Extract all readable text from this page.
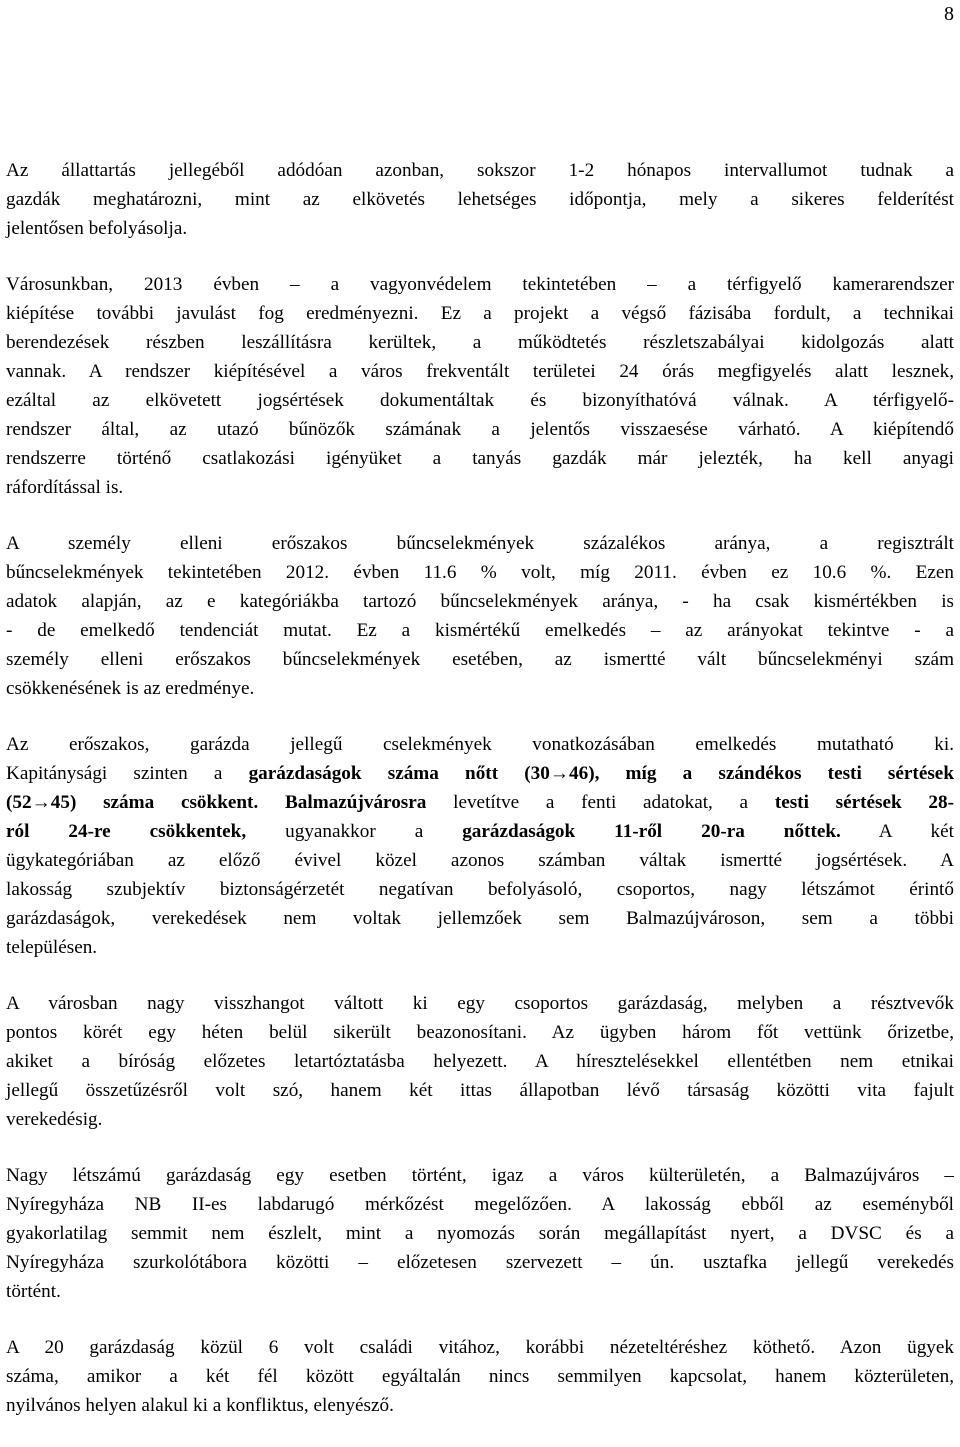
8
Az állattartás jellegéből adódóan azonban, sokszor 1-2 hónapos intervallumot tudnak a
gazdák meghatározni, mint az elkövetés lehetséges időpontja, mely a sikeres felderítést
jelentősen befolyásolja.
Városunkban, 2013 évben – a vagyonvédelem tekintetében – a térfigyelő kamerarendszer
kiépítése további javulást fog eredményezni. Ez a projekt a végső fázisába fordult, a technikai
berendezések részben leszállításra kerültek, a működtetés részletszabályai kidolgozás alatt
vannak. A rendszer kiépítésével a város frekventált területei 24 órás megfigyelés alatt lesznek,
ezáltal az elkövetett jogsértések dokumentáltak és bizonyíthatóvá válnak. A térfigyelő-
rendszer által, az utazó bűnözők számának a jelentős visszaesése várható. A kiépítendő
rendszerre történő csatlakozási igényüket a tanyás gazdák már jelezték, ha kell anyagi
ráfordítással is.
A személy elleni erőszakos bűncselekmények százalékos aránya, a regisztrált
bűncselekmények tekintetében 2012. évben 11.6 % volt, míg 2011. évben ez 10.6 %. Ezen
adatok alapján, az e kategóriákba tartozó bűncselekmények aránya, - ha csak kismértékben is
- de emelkedő tendenciát mutat. Ez a kismértékű emelkedés – az arányokat tekintve - a
személy elleni erőszakos bűncselekmények esetében, az ismertté vált bűncselekményi szám
csökkenésének is az eredménye.
Az erőszakos, garázda jellegű cselekmények vonatkozásában emelkedés mutatható ki.
Kapitánysági szinten a garázdaságok száma nőtt (30→46), míg a szándékos testi sértések
(52→45) száma csökkent. Balmazújvárosra levetítve a fenti adatokat, a testi sértések 28-
ról 24-re csökkentek, ugyanakkor a garázdaságok 11-ről 20-ra nőttek. A két
ügykategóriában az előző évivel közel azonos számban váltak ismertté jogsértések. A
lakosság szubjektív biztonságérzetét negatívan befolyásoló, csoportos, nagy létszámot érintő
garázdaságok, verekedések nem voltak jellemzőek sem Balmazújvároson, sem a többi
településen.
A városban nagy visszhangot váltott ki egy csoportos garázdaság, melyben a résztvevők
pontos körét egy héten belül sikerült beazonosítani. Az ügyben három főt vettünk őrizetbe,
akiket a bíróság előzetes letartóztatásba helyezett. A híresztelésekkel ellentétben nem etnikai
jellegű összetűzésről volt szó, hanem két ittas állapotban lévő társaság közötti vita fajult
verekedésig.
Nagy létszámú garázdaság egy esetben történt, igaz a város külterületén, a Balmazújváros –
Nyíregyháza NB II-es labdarugó mérkőzést megelőzően. A lakosság ebből az eseményből
gyakorlatilag semmit nem észlelt, mint a nyomozás során megállapítást nyert, a DVSC és a
Nyíregyháza szurkolótábora közötti – előzetesen szervezett – ún. usztafka jellegű verekedés
történt.
A 20 garázdaság közül 6 volt családi vitához, korábbi nézeteltéréshez köthető. Azon ügyek
száma, amikor a két fél között egyáltalán nincs semmilyen kapcsolat, hanem közterületen,
nyilvános helyen alakul ki a konfliktus, elenyésző.
